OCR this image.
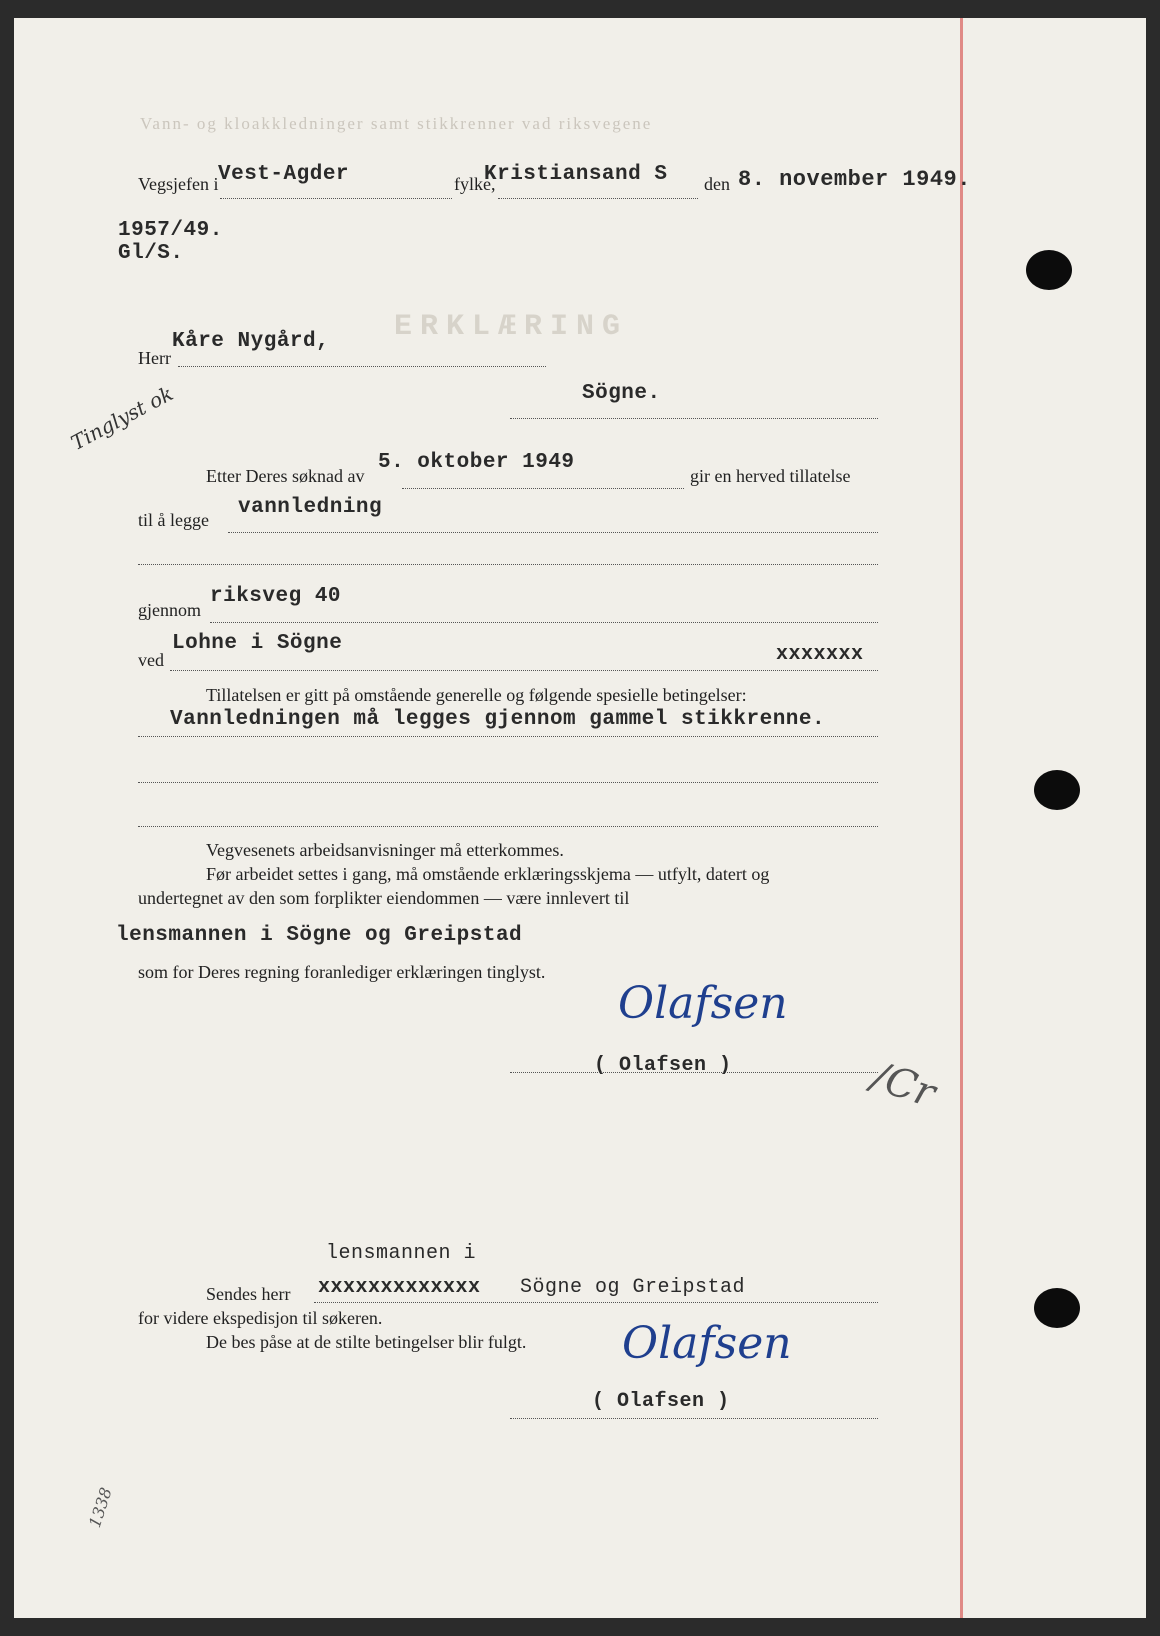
Vann- og kloakkledninger samt stikkrenner vad riksvegene
ERKLÆRING
Vegsjefen i Vest-Agder	fylke,
Kristiansand S den 8. november 1949.
1957/49.
Gl/S.
Herr
Kåre Nygård,
Sögne.
Tinglyst ok
Etter Deres søknad av
5. oktober 1949
gir en herved tillatelse
til å legge
vannledning
gjennom
riksveg 40
ved
Lohne i Sögne	xxxxxxx
Tillatelsen er gitt på omstående generelle og følgende spesielle betingelser:
Vannledningen må legges gjennom gammel stikkrenne.
Vegvesenets arbeidsanvisninger må etterkommes.
Før arbeidet settes i gang, må omstående erklæringsskjema — utfylt, datert og
undertegnet av den som forplikter eiendommen — være innlevert til
lensmannen i Sögne og Greipstad
som for Deres regning foranlediger erklæringen tinglyst.
Olafsen
( Olafsen )	/Cr
lensmannen i
Sendes herr xxxxxxxxxxxxx Sögne og Greipstad
for videre ekspedisjon til søkeren.
De bes påse at de stilte betingelser blir fulgt. Olafsen
( Olafsen )
1338
